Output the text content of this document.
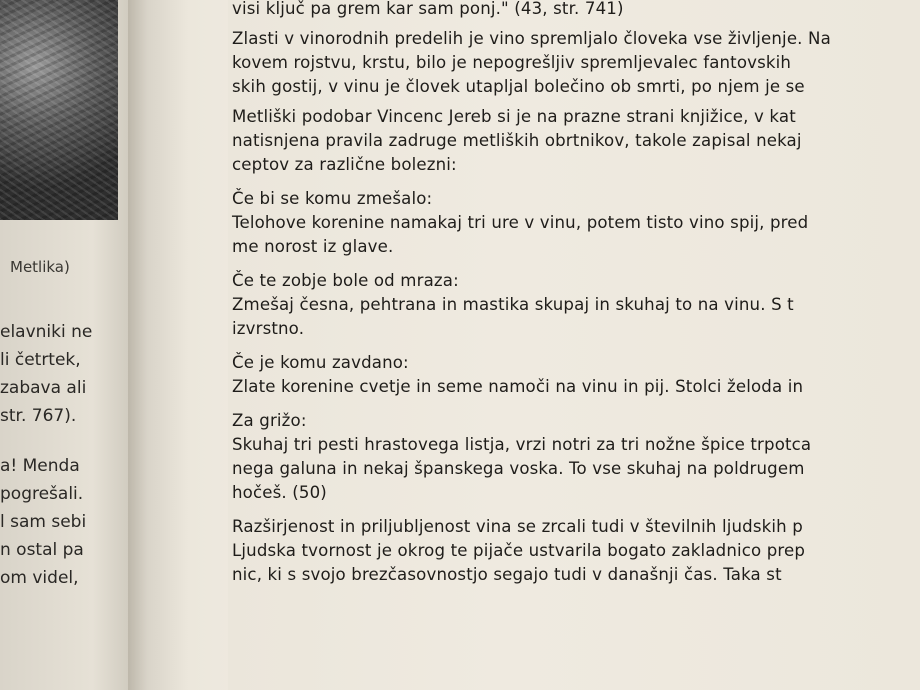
Metlika)
elavniki ne
li četrtek,
zabava ali
str. 767).
a! Menda
pogrešali.
l sam sebi
n ostal pa
om videl,

visi ključ pa grem kar sam ponj." (43, str. 741)

Zlasti v vinorodnih predelih je vino spremljalo človeka vse življenje. Na

kovem rojstvu, krstu, bilo je nepogrešljiv spremljevalec fantovskih

skih gostij, v vinu je človek utapljal bolečino ob smrti, po njem je se

Metliški podobar Vincenc Jereb si je na prazne strani knjižice, v kat

natisnjena pravila zadruge metliških obrtnikov, takole zapisal nekaj

ceptov za različne bolezni:

Če bi se komu zmešalo:

Telohove korenine namakaj tri ure v vinu, potem tisto vino spij, pred

me norost iz glave.

Če te zobje bole od mraza:

Zmešaj česna, pehtrana in mastika skupaj in skuhaj to na vinu. S t

izvrstno.

Če je komu zavdano:

Zlate korenine cvetje in seme namoči na vinu in pij. Stolci želoda in

Za grižo:

Skuhaj tri pesti hrastovega listja, vrzi notri za tri nožne špice trpotca

nega galuna in nekaj španskega voska. To vse skuhaj na poldrugem

hočeš. (50)

Razširjenost in priljubljenost vina se zrcali tudi v številnih ljudskih p

Ljudska tvornost je okrog te pijače ustvarila bogato zakladnico prep

nic, ki s svojo brezčasovnostjo segajo tudi v današnji čas. Taka st
